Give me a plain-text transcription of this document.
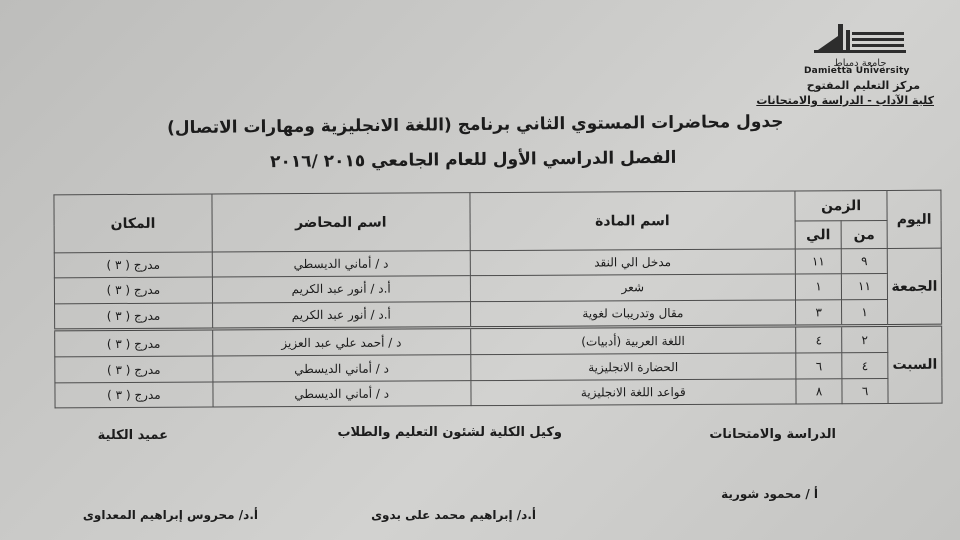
جامعة دمياط
Damietta University
مركز التعليم المفتوح
كلية الآداب - الدراسة والامتحانات
جدول محاضرات المستوي الثاني برنامج (اللغة الانجليزية ومهارات الاتصال)
الفصل الدراسي الأول للعام الجامعي ٢٠١٥ /٢٠١٦
اليوم	الزمن		اسم المادة	اسم المحاضر	المكان
	من	الي			
الجمعة	٩	١١	مدخل الي النقد	د / أماني الديسطي	مدرج ( ٣ )
	١١	١	شعر	أ.د / أنور عبد الكريم	مدرج ( ٣ )
	١	٣	مقال وتدريبات لغوية	أ.د / أنور عبد الكريم	مدرج ( ٣ )
السبت	٢	٤	اللغة العربية (أدبيات)	د / أحمد علي عبد العزيز	مدرج ( ٣ )
	٤	٦	الحضارة الانجليزية	د / أماني الديسطي	مدرج ( ٣ )
	٦	٨	قواعد اللغة الانجليزية	د / أماني الديسطي	مدرج ( ٣ )
الدراسة والامتحانات
وكيل الكلية لشئون التعليم والطلاب
عميد الكلية
أ / محمود شورية
أ.د/ إبراهيم محمد على بدوى
أ.د/ محروس إبراهيم المعداوى
